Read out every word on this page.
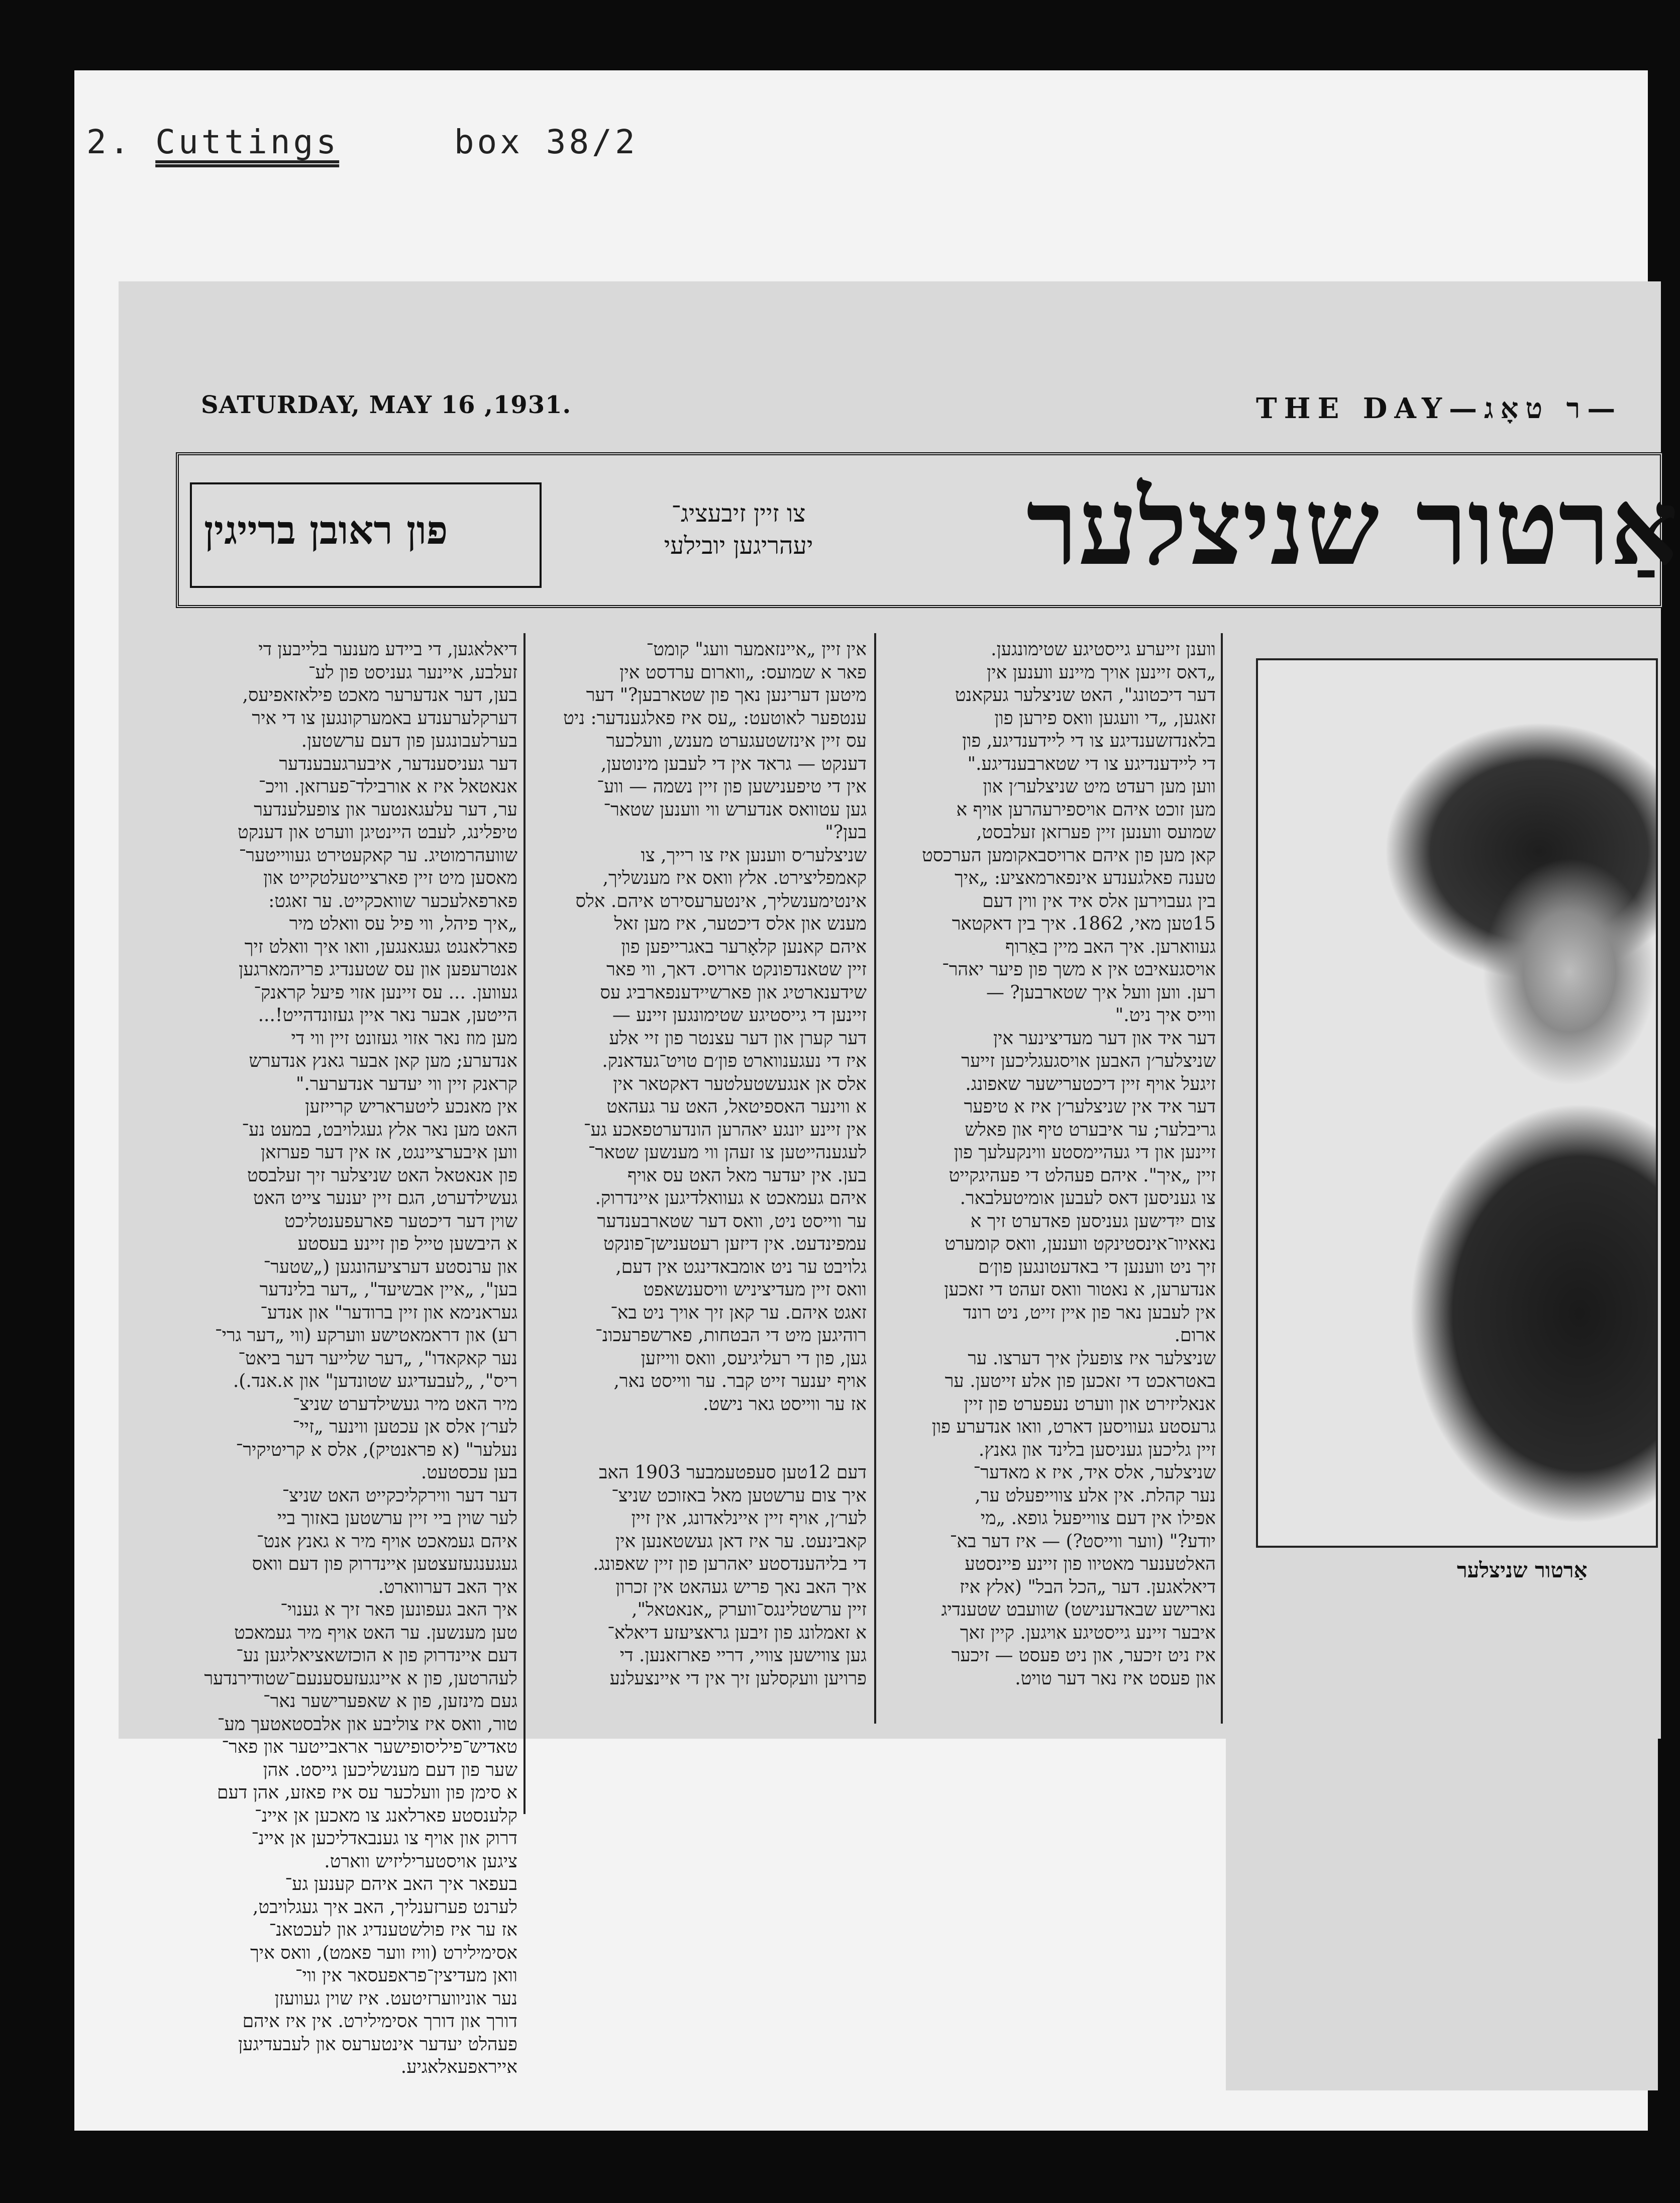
2. Cuttings	box 38/2
SATURDAY, MAY 16 ,1931.	THE DAY—ר טאָג—
פון ראובן ברייגין	צו זיין זיבעציג־
יעהריגען יובילעי	אַרטור שניצלער
ווענן זייערע גייסטיגע שטימונגען.
„דאס זיינען אויך מיינע ווענען אין
דער דיכטונג", האט שניצלער געקאנט
זאגען, „די וועגען וואס פירען פון
בלאנדזשענדיגע צו די ליידענדיגע, פון
די ליידענדיגע צו די שטארבענדיגע."
ווען מען רעדט מיט שניצלער׳ן און
מען זוכט איהם אויספירעהרען אויף א
שמועס ווענען זיין פערזאן זעלבסט,
קאן מען פון איהם ארויסבאקומען הערכסט
טענה פאלגענדע אינפארמאציע: „איך
בין געבוירען אלס איד אין ווין דעם
15טען מאי, 1862. איך בין דאקטאר
געווארען. איך האב מיין באַרוף
אויסגעאיבט אין א משך פון פיער יאהר־
רען. ווען וועל איך שטארבען? —
ווייס איך ניט."
דער איד און דער מעדיצינער אין
שניצלער׳ן האבען אויסגעגליכען זייער
זיגעל אויף זיין דיכטערישער שאפונג.
דער איד אין שניצלער׳ן איז א טיפער
גריבלער; ער איבערט טיף און פאלש
זיינען און די געהיימסטע ווינקעלעך פון
זיין „איך". איהם פעהלט די פעהיגקייט
צו געניסען דאס לעבען אומיטעלבאר.
צום ייִדישען געניסען פאדערט זיך א
נאאיוו־אינסטינקט ווענען, וואס קומערט
זיך ניט ווענען די באדעטונגען פון׳ם
אנדערען, א נאטור וואס זעהט די זאכען
אין לעבען נאר פון איין זייט, ניט רונד
ארום.
שניצלער איז צופעלן איך דערצו. ער
באטראכט די זאכען פון אלע זייטען. ער
אנאליזירט און ווערט נעפערט פון זיין
גרעסטע געוויסען דארט, וואו אנדערע פון
זיין גליכען געניסען בלינד און גאנץ.
שניצלער, אלס איד, איז א מאדער־
נער קהלת. אין אלע צווייפעלט ער,
אפילו אין דעם צווייפעל גופא. „מי
יודע?" (ווער ווייסט?) — איז דער בא־
האלטענער מאטיוו פון זיינע פיינסטע
דיאלאגען. דער „הכל הבל" (אלץ איז
נארישע שבאדענישט) שוועבט שטענדיג
איבער זיינע גייסטיגע אויגען. קיין זאך
איז ניט זיכער, און ניט פעסט — זיכער
און פעסט איז נאר דער טויט.
אין זיין „איינזאמער וועג" קומט־
פאר א שמועס: „ווארום ערדסט אין
מיטען דערינען נאך פון שטארבען?" דער
ענטפער לאוטעט: „עס איז פאלגענדער: ניט
עס זיין אינזשטעגערט מענש, וועלכער
דענקט — גראד אין די לעבען מינוטען,
אין די טיפענישען פון זיין נשמה — ווע־
גען עטוואס אנדערש ווי ווענען שטאר־
בען?"
שניצלער׳ס ווענען איז צו רייך, צו
קאמפליצירט. אלץ וואס איז מענשליך,
אינטימענשליך, אינטערעסירט איהם. אלס
מענש און אלס דיכטער, איז מען זאל
איהם קאנען קלאָרער באגרייפען פון
זיין שטאנדפונקט ארויס. דאך, ווי פאר
שידענארטיג און פארשיידענפארביג עס
זיינען די גייסטיגע שטימונגען זיינע —
דער קערן און דער עצנטר פון זיי אלע
איז די נעגענווארט פון׳ם טויט־געדאנק.
אלס אן אנגעשטעלטער דאקטאר אין
א ווינער האספיטאל, האט ער געהאט
אין זיינע יונגע יאהרען הונדערטפאכע גע־
לעגענהייטען צו זעהן ווי מענשען שטאר־
בען. אין יעדער מאל האט עס אויף
איהם געמאכט א געוואלדיגען איינדרוק.
ער ווייסט ניט, וואס דער שטארבענדער
עמפינדעט. אין דיזען רעטענישן־פונקט
גלויבט ער ניט אומבאדינגט אין דעם,
וואס זיין מעדיציניש וויסענשאפט
זאגט איהם. ער קאן זיך אויך ניט בא־
רוהיגען מיט די הבטחות, פארשפרעכונ־
גען, פון די רעליגיעס, וואס ווייזען
אויף יענער זייט קבר. ער ווייסט נאר,
אז ער ווייסט גאר נישט.

דעם 12טען סעפטעמבער 1903 האב
איך צום ערשטען מאל באזוכט שניצ־
לער׳ן, אויף זיין איינלאדונג, אין זיין
קאבינעט. ער איז דאן געשטאנען אין
די בליהענדסטע יאהרען פון זיין שאפונג.
איך האב נאך פריש געהאט אין זכרון
זיין ערשטלינגס־ווערק „אנאטאל",
א זאמלונג פון זיבען גראציעזע דיאלא־
גען צווישען צוויי, דריי פארזאנען. די
פרויען וועקסלען זיך אין די איינצעלנע
דיאלאגען, די ביידע מענער בלייבען די
זעלבע, איינער געניסט פון לע־
בען, דער אנדערער מאכט פילאזאפיעס,
דערקלערענדע באמערקונגען צו די איר
בערלעבונגען פון דעם ערשטען.
דער געניסענדער, איבערגעבענדער
אנאטאל איז א אורבילד־פערזאן. וויכ־
ער, דער עלעגאנטער און צופעלענדער
טיפלינג, לעבט היינטיגן ווערט און דענקט
שוועהרמוטיג. ער קאקעטירט געווייטער־
מאסען מיט זיין פארצייטעלטקייט און
פארפאלעכער שוואכקייט. ער זאגט:
„איך פיהל, ווי פיל עס וואלט מיר
פארלאנגט געגאנגען, וואו איך וואלט זיך
אנטרעפען און עס שטענדיג פריהמארגען
געווען. ... עס זיינען אזוי פיעל קראנק־
הייטען, אבער נאר איין געזונדהייט!...
מען מוז נאר אזוי געזונט זיין ווי די
אנדערע; מען קאן אבער גאנץ אנדערש
קראנק זיין ווי יעדער אנדערער."
אין מאנכע ליטעראריש קרייזען
האט מען נאר אלץ געגלויבט, במעט נע־
ווען איבערציינגט, אז אין דער פערזאן
פון אנאטאל האט שניצלער זיך זעלבסט
געשילדערט, הגם זיין יענער צייט האט
שוין דער דיכטער פארעפענטליכט
א היבשען טייל פון זיינע בעסטע
און ערנסטע דערציעהונגען („שטער־
בען", „איין אבשיעד", „דער בלינדער
געראנימא און זיין ברודער" און אנדע־
רע) און דראמאטישע ווערקע (ווי „דער גרי־
נער קאקאדו", „דער שלייער דער ביאט־
ריס", „לעבעדיגע שטונדען" און א.אנד.).
מיר האט מיר געשילדערט שניצ־
לער׳ן אלס אן עכטען ווינער „זיי־
נעלער" (א פראנטיק), אלס א קריטיקיר־
בען עכסטעט.
דער דער ווירקליכקייט האט שניצ־
לער שוין ביי זיין ערשטען באזוך ביי
איהם געמאכט אויף מיר א גאנץ אנט־
געגענגעזעצטען איינדרוק פון דעם וואס
איך האב דערווארט.
איך האב געפונען פאר זיך א גענוי־
טען מענשען. ער האט אויף מיר געמאכט
דעם איינדרוק פון א הוכזשאציאליגען נע־
לעהרטען, פון א איינגעזעסענעם־שטודירנדער
געם מינזען, פון א שאפערישער נאר־
טור, וואס איז צוליבע און אלבסטאטעך מע־
טאדיש־פיליסופישער אראבייטער און פאר־
שער פון דעם מענשליכען גייסט. אהן
א סימן פון וועלכער עס איז פאזע, אהן דעם
קלענסטע פארלאנג צו מאכען אן איינ־
דרוק און אויף צו גענבאדליכען אן איינ־
ציגען אויסטעריליזיש ווארט.
בעפאר איך האב איהם קענען גע־
לערנט פערזענליך, האב איך געגלויבט,
אז ער איז פולשטענדיג און לעכטאנ־
אסימילירט (וויז ווער פאמט), וואס איך
וואן מעדיצין־פראפעסאר אין ווי־
נער אוניווערזיטעט. איז שוין געוועזן
דורך און דורך אסימילירט. אין איז איהם
פעהלט יעדער אינטערעס און לעבעדיגען
אייראפעאלאגיע.
אַרטור שניצלער
